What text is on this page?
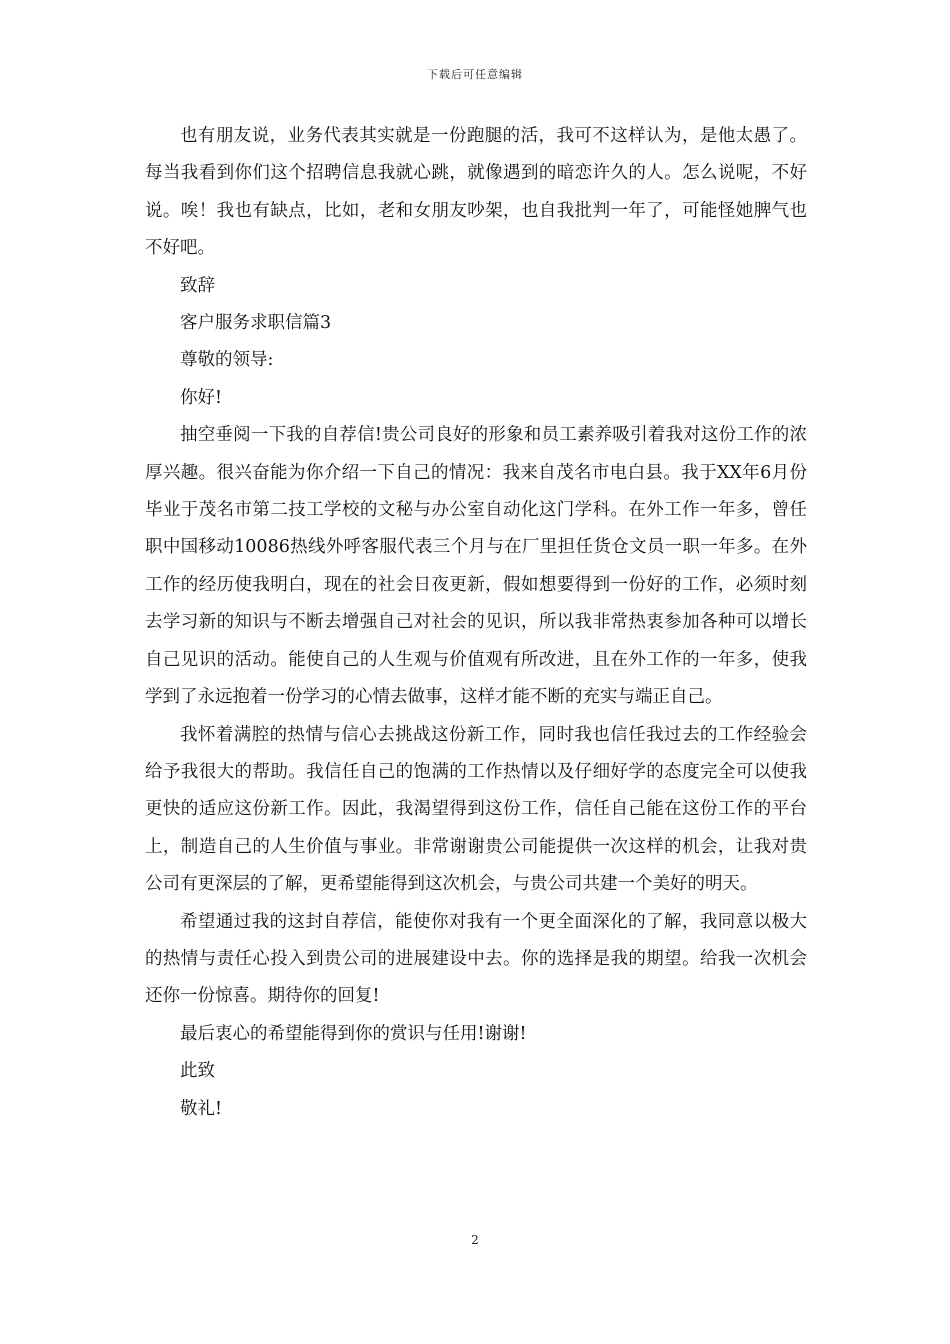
下载后可任意编辑

也有朋友说，业务代表其实就是一份跑腿的活，我可不这样认为，是他太愚了。每当我看到你们这个招聘信息我就心跳，就像遇到的暗恋许久的人。怎么说呢，不好说。唉！我也有缺点，比如，老和女朋友吵架，也自我批判一年了，可能怪她脾气也不好吧。

致辞

客户服务求职信篇3

尊敬的领导:

你好!

抽空垂阅一下我的自荐信!贵公司良好的形象和员工素养吸引着我对这份工作的浓厚兴趣。很兴奋能为你介绍一下自己的情况：我来自茂名市电白县。我于XX年6月份毕业于茂名市第二技工学校的文秘与办公室自动化这门学科。在外工作一年多，曾任职中国移动10086热线外呼客服代表三个月与在厂里担任货仓文员一职一年多。在外工作的经历使我明白，现在的社会日夜更新，假如想要得到一份好的工作，必须时刻去学习新的知识与不断去增强自己对社会的见识，所以我非常热衷参加各种可以增长自己见识的活动。能使自己的人生观与价值观有所改进，且在外工作的一年多，使我学到了永远抱着一份学习的心情去做事，这样才能不断的充实与端正自己。

我怀着满腔的热情与信心去挑战这份新工作，同时我也信任我过去的工作经验会给予我很大的帮助。我信任自己的饱满的工作热情以及仔细好学的态度完全可以使我更快的适应这份新工作。因此，我渴望得到这份工作，信任自己能在这份工作的平台上，制造自己的人生价值与事业。非常谢谢贵公司能提供一次这样的机会，让我对贵公司有更深层的了解，更希望能得到这次机会，与贵公司共建一个美好的明天。

希望通过我的这封自荐信，能使你对我有一个更全面深化的了解，我同意以极大的热情与责任心投入到贵公司的进展建设中去。你的选择是我的期望。给我一次机会还你一份惊喜。期待你的回复!

最后衷心的希望能得到你的赏识与任用!谢谢!

此致

敬礼!

2
